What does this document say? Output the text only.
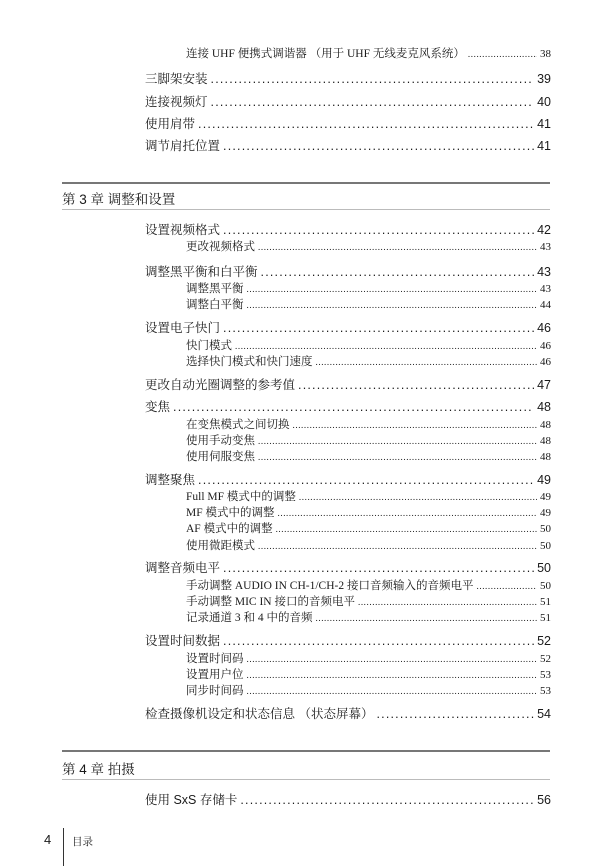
连接 UHF 便携式调谐器 （用于 UHF 无线麦克风系统） .....	38
三脚架安装 .....	39
连接视频灯 .....	40
使用肩带 .....	41
调节肩托位置 .....	41
第 3 章 调整和设置
设置视频格式 .....	42
更改视频格式 .....	43
调整黑平衡和白平衡 .....	43
调整黑平衡 .....	43
调整白平衡 .....	44
设置电子快门 .....	46
快门模式 .....	46
选择快门模式和快门速度 .....	46
更改自动光圈调整的参考值 .....	47
变焦 .....	48
在变焦模式之间切换 .....	48
使用手动变焦 .....	48
使用伺服变焦 .....	48
调整聚焦 .....	49
Full MF 模式中的调整 .....	49
MF 模式中的调整 .....	49
AF 模式中的调整 .....	50
使用微距模式 .....	50
调整音频电平 .....	50
手动调整 AUDIO IN CH-1/CH-2 接口音频输入的音频电平 .....	50
手动调整 MIC IN 接口的音频电平 .....	51
记录通道 3 和 4 中的音频 .....	51
设置时间数据 .....	52
设置时间码 .....	52
设置用户位 .....	53
同步时间码 .....	53
检查摄像机设定和状态信息 （状态屏幕） .....	54
第 4 章 拍摄
使用 SxS 存储卡 .....	56
4 目录
